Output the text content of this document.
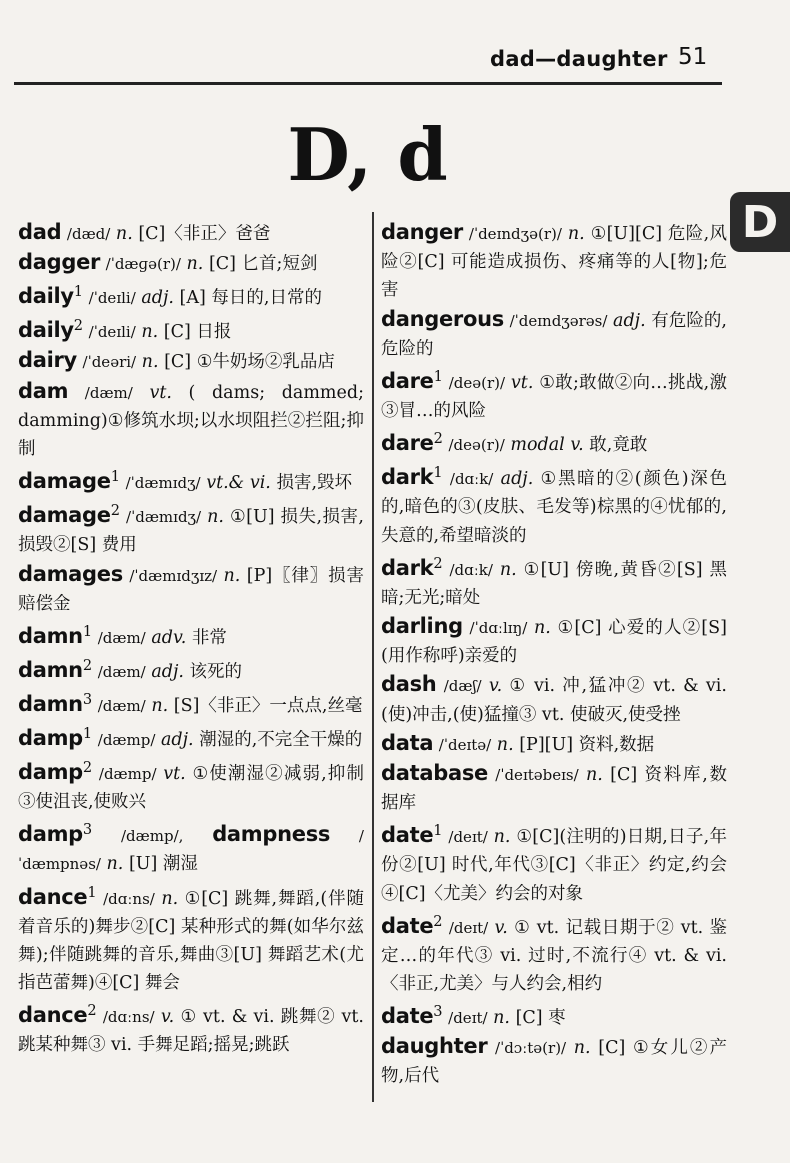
dad—daughter 51
D, d
D

dad /dæd/ n. [C]〈非正〉爸爸

dagger /ˈdæɡə(r)/ n. [C] 匕首;短剑

daily$^1$ /ˈdeɪli/ adj. [A] 每日的,日常的

daily$^2$ /ˈdeɪli/ n. [C] 日报

dairy /ˈdeəri/ n. [C] ①牛奶场②乳品店

dam /dæm/ vt. ( dams; dammed; damming)①修筑水坝;以水坝阻拦②拦阻;抑制

damage$^1$ /ˈdæmɪdʒ/ vt.& vi. 损害,毁坏

damage$^2$ /ˈdæmɪdʒ/ n. ①[U] 损失,损害,损毁②[S] 费用

damages /ˈdæmɪdʒɪz/ n. [P]〖律〗损害赔偿金

damn$^1$ /dæm/ adv. 非常

damn$^2$ /dæm/ adj. 该死的

damn$^3$ /dæm/ n. [S]〈非正〉一点点,丝毫

damp$^1$ /dæmp/ adj. 潮湿的,不完全干燥的

damp$^2$ /dæmp/ vt. ①使潮湿②减弱,抑制③使沮丧,使败兴

damp$^3$ /dæmp/, dampness /ˈdæmpnəs/ n. [U] 潮湿

dance$^1$ /dɑːns/ n. ①[C] 跳舞,舞蹈,(伴随着音乐的)舞步②[C] 某种形式的舞(如华尔兹舞);伴随跳舞的音乐,舞曲③[U] 舞蹈艺术(尤指芭蕾舞)④[C] 舞会

dance$^2$ /dɑːns/ v. ① vt. & vi. 跳舞② vt. 跳某种舞③ vi. 手舞足蹈;摇晃;跳跃

danger /ˈdeɪndʒə(r)/ n. ①[U][C] 危险,风险②[C] 可能造成损伤、疼痛等的人[物];危害

dangerous /ˈdeɪndʒərəs/ adj. 有危险的,危险的

dare$^1$ /deə(r)/ vt. ①敢;敢做②向…挑战,激③冒…的风险

dare$^2$ /deə(r)/ modal v. 敢,竟敢

dark$^1$ /dɑːk/ adj. ①黑暗的②(颜色)深色的,暗色的③(皮肤、毛发等)棕黑的④忧郁的,失意的,希望暗淡的

dark$^2$ /dɑːk/ n. ①[U] 傍晚,黄昏②[S] 黑暗;无光;暗处

darling /ˈdɑːlɪŋ/ n. ①[C] 心爱的人②[S](用作称呼)亲爱的

dash /dæʃ/ v. ① vi. 冲,猛冲② vt. & vi.(使)冲击,(使)猛撞③ vt. 使破灭,使受挫

data /ˈdeɪtə/ n. [P][U] 资料,数据

database /ˈdeɪtəbeɪs/ n. [C] 资料库,数据库

date$^1$ /deɪt/ n. ①[C](注明的)日期,日子,年份②[U] 时代,年代③[C]〈非正〉约定,约会④[C]〈尤美〉约会的对象

date$^2$ /deɪt/ v. ① vt. 记载日期于② vt. 鉴定…的年代③ vi. 过时,不流行④ vt. & vi.〈非正,尤美〉与人约会,相约

date$^3$ /deɪt/ n. [C] 枣

daughter /ˈdɔːtə(r)/ n. [C] ①女儿②产物,后代
